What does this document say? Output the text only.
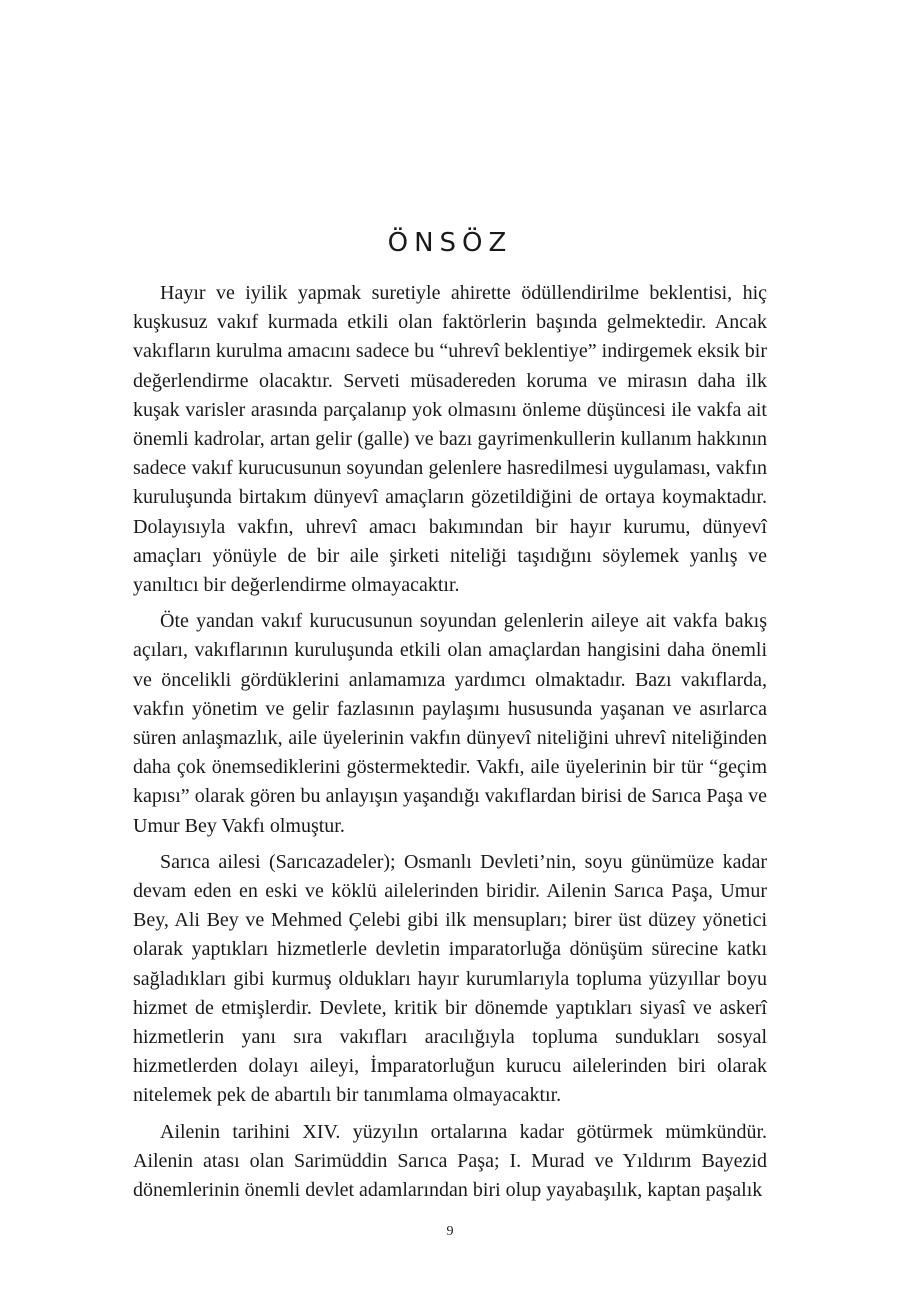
ÖNSÖZ

Hayır ve iyilik yapmak suretiyle ahirette ödüllendirilme beklentisi, hiç kuşkusuz vakıf kurmada etkili olan faktörlerin başında gelmektedir. Ancak vakıfların kurulma amacını sadece bu “uhrevî beklentiye” indirgemek eksik bir değerlendirme olacaktır. Serveti müsadereden koruma ve mirasın daha ilk kuşak varisler arasında parçalanıp yok olmasını önleme düşüncesi ile vakfa ait önemli kadrolar, artan gelir (galle) ve bazı gayrimenkullerin kullanım hakkının sadece vakıf kurucusunun soyundan gelenlere hasredilmesi uygulaması, vakfın kuruluşunda birtakım dünyevî amaçların gözetildiğini de ortaya koymaktadır. Dolayısıyla vakfın, uhrevî amacı bakımından bir hayır kurumu, dünyevî amaçları yönüyle de bir aile şirketi niteliği taşıdığını söylemek yanlış ve yanıltıcı bir değerlendirme olmayacaktır.

Öte yandan vakıf kurucusunun soyundan gelenlerin aileye ait vakfa bakış açıları, vakıflarının kuruluşunda etkili olan amaçlardan hangisini daha önemli ve öncelikli gördüklerini anlamamıza yardımcı olmaktadır. Bazı vakıflarda, vakfın yönetim ve gelir fazlasının paylaşımı hususunda yaşanan ve asırlarca süren anlaşmazlık, aile üyelerinin vakfın dünyevî niteliğini uhrevî niteliğinden daha çok önemsediklerini göstermektedir. Vakfı, aile üyelerinin bir tür “geçim kapısı” olarak gören bu anlayışın yaşandığı vakıflardan birisi de Sarıca Paşa ve Umur Bey Vakfı olmuştur.

Sarıca ailesi (Sarıcazadeler); Osmanlı Devleti’nin, soyu günümüze kadar devam eden en eski ve köklü ailelerinden biridir. Ailenin Sarıca Paşa, Umur Bey, Ali Bey ve Mehmed Çelebi gibi ilk mensupları; birer üst düzey yönetici olarak yaptıkları hizmetlerle devletin imparatorluğa dönüşüm sürecine katkı sağladıkları gibi kurmuş oldukları hayır kurumlarıyla topluma yüzyıllar boyu hizmet de etmişlerdir. Devlete, kritik bir dönemde yaptıkları siyasî ve askerî hizmetlerin yanı sıra vakıfları aracılığıyla topluma sundukları sosyal hizmetlerden dolayı aileyi, İmparatorluğun kurucu ailelerinden biri olarak nitelemek pek de abartılı bir tanımlama olmayacaktır.

Ailenin tarihini XIV. yüzyılın ortalarına kadar götürmek mümkündür. Ailenin atası olan Sarimüddin Sarıca Paşa; I. Murad ve Yıldırım Bayezid dönemlerinin önemli devlet adamlarından biri olup yayabaşılık, kaptan paşalık

9
